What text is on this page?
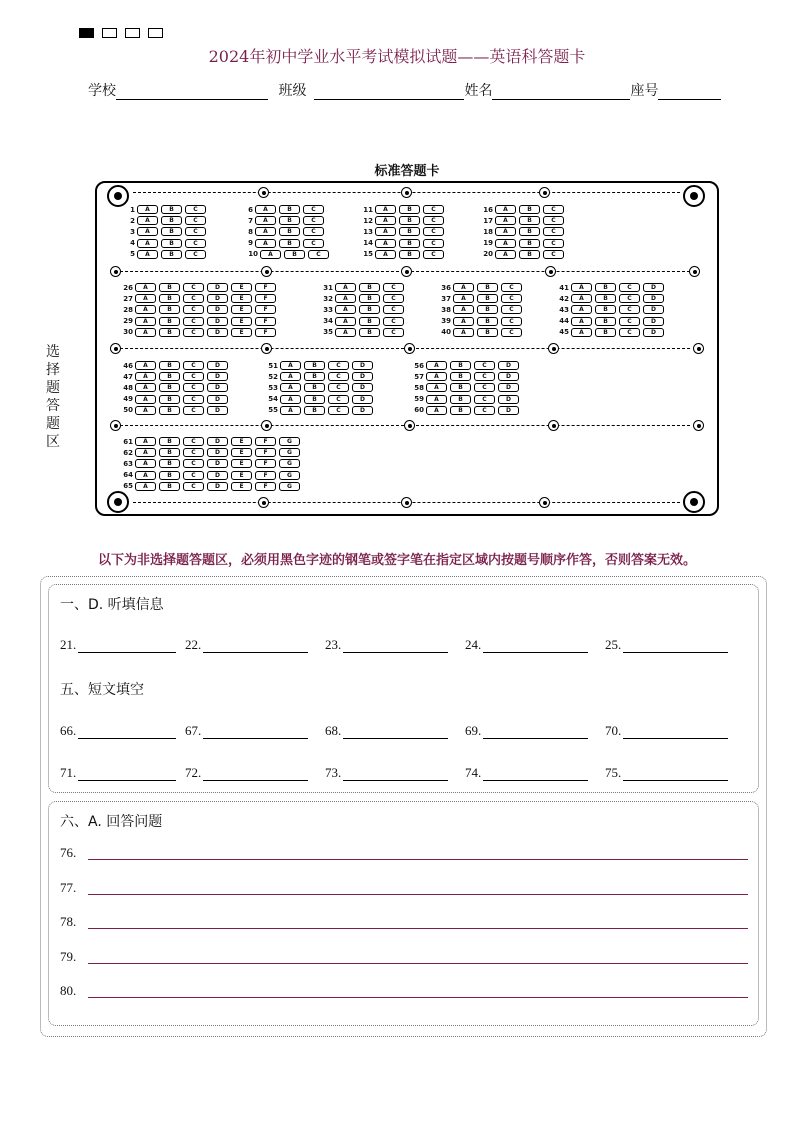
2024年初中学业水平考试模拟试题——英语科答题卡
学校	班级	姓名	座号
标准答题卡
选择题答题区
1	A	B	C
2	A	B	C
3	A	B	C
4	A	B	C
5	A	B	C
6	A	B	C
7	A	B	C
8	A	B	C
9	A	B	C
10	A	B	C
11	A	B	C
12	A	B	C
13	A	B	C
14	A	B	C
15	A	B	C
16	A	B	C
17	A	B	C
18	A	B	C
19	A	B	C
20	A	B	C
26	A	B	C	D	E	F
27	A	B	C	D	E	F
28	A	B	C	D	E	F
29	A	B	C	D	E	F
30	A	B	C	D	E	F
31	A	B	C
32	A	B	C
33	A	B	C
34	A	B	C
35	A	B	C
36	A	B	C
37	A	B	C
38	A	B	C
39	A	B	C
40	A	B	C
41	A	B	C	D
42	A	B	C	D
43	A	B	C	D
44	A	B	C	D
45	A	B	C	D
46	A	B	C	D
47	A	B	C	D
48	A	B	C	D
49	A	B	C	D
50	A	B	C	D
51	A	B	C	D
52	A	B	C	D
53	A	B	C	D
54	A	B	C	D
55	A	B	C	D
56	A	B	C	D
57	A	B	C	D
58	A	B	C	D
59	A	B	C	D
60	A	B	C	D
61	A	B	C	D	E	F	G
62	A	B	C	D	E	F	G
63	A	B	C	D	E	F	G
64	A	B	C	D	E	F	G
65	A	B	C	D	E	F	G
以下为非选择题答题区，必须用黑色字迹的钢笔或签字笔在指定区域内按题号顺序作答，否则答案无效。
一、D. 听填信息
21.	22.	23.	24.	25.
五、短文填空
66.	67.	68.	69.	70.
71.	72.	73.	74.	75.
六、A. 回答问题
76.
77.
78.
79.
80.
